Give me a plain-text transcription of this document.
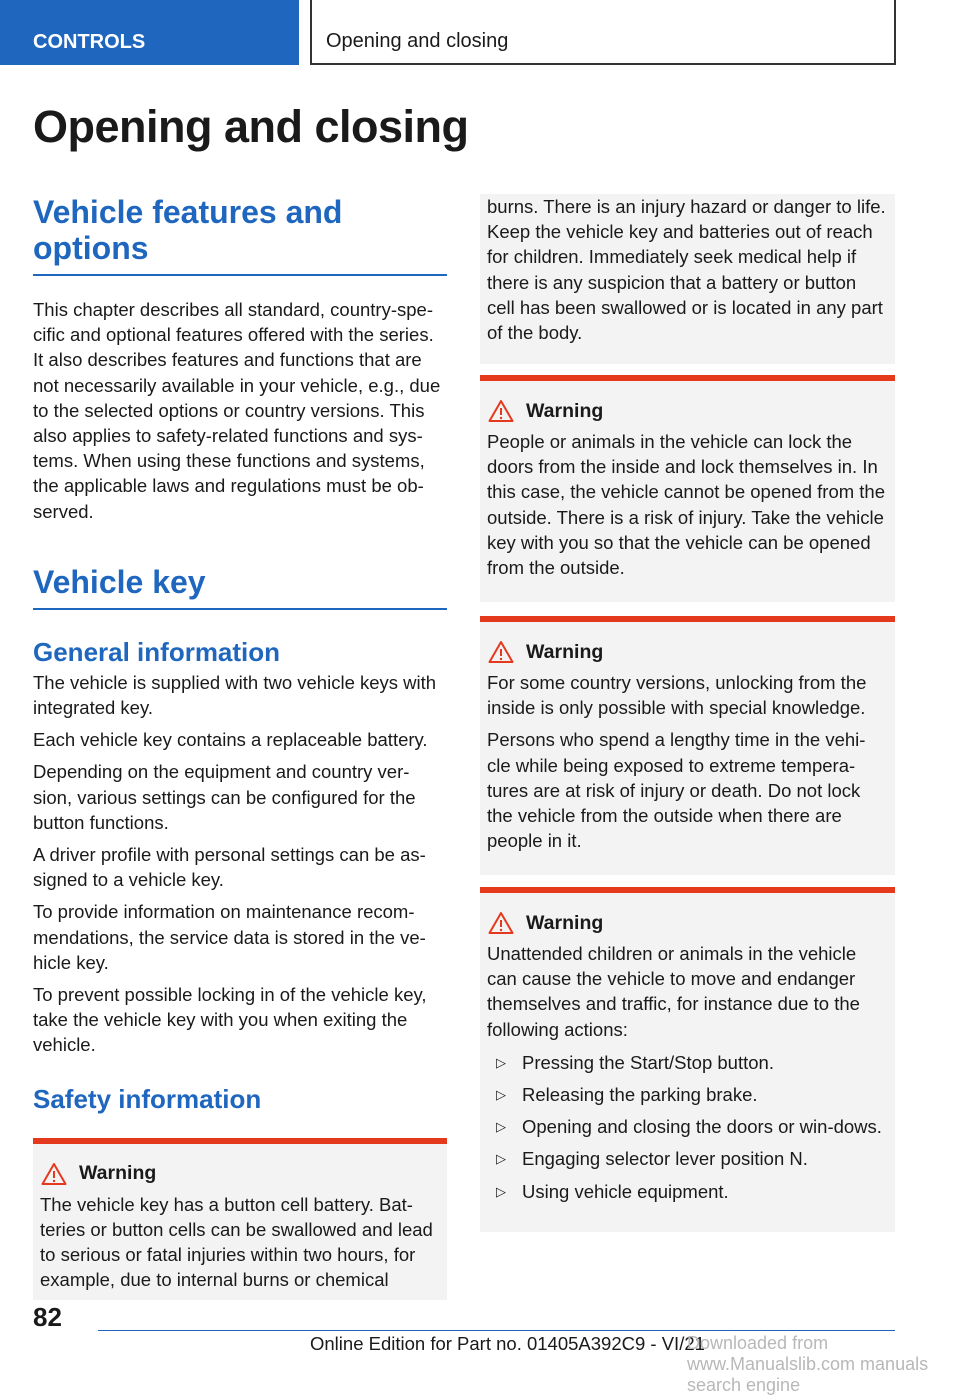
CONTROLS	Opening and closing
Opening and closing
Vehicle features and options
This chapter describes all standard, country-spe-cific and optional features offered with the series. It also describes features and functions that are not necessarily available in your vehicle, e.g., due to the selected options or country versions. This also applies to safety-related functions and sys-tems. When using these functions and systems, the applicable laws and regulations must be ob-served.
Vehicle key
General information
The vehicle is supplied with two vehicle keys with integrated key.
Each vehicle key contains a replaceable battery.
Depending on the equipment and country ver-sion, various settings can be configured for the button functions.
A driver profile with personal settings can be as-signed to a vehicle key.
To provide information on maintenance recom-mendations, the service data is stored in the ve-hicle key.
To prevent possible locking in of the vehicle key, take the vehicle key with you when exiting the vehicle.
Safety information
Warning
The vehicle key has a button cell battery. Bat-teries or button cells can be swallowed and lead to serious or fatal injuries within two hours, for example, due to internal burns or chemical
burns. There is an injury hazard or danger to life. Keep the vehicle key and batteries out of reach for children. Immediately seek medical help if there is any suspicion that a battery or button cell has been swallowed or is located in any part of the body.
Warning
People or animals in the vehicle can lock the doors from the inside and lock themselves in. In this case, the vehicle cannot be opened from the outside. There is a risk of injury. Take the vehicle key with you so that the vehicle can be opened from the outside.
Warning
For some country versions, unlocking from the inside is only possible with special knowledge.
Persons who spend a lengthy time in the vehi-cle while being exposed to extreme tempera-tures are at risk of injury or death. Do not lock the vehicle from the outside when there are people in it.
Warning
Unattended children or animals in the vehicle can cause the vehicle to move and endanger themselves and traffic, for instance due to the following actions:
▷ Pressing the Start/Stop button.
▷ Releasing the parking brake.
▷ Opening and closing the doors or win-dows.
▷ Engaging selector lever position N.
▷ Using vehicle equipment.
82
Online Edition for Part no. 01405A392C9 - VI/21
Downloaded from www.Manualslib.com manuals search engine
